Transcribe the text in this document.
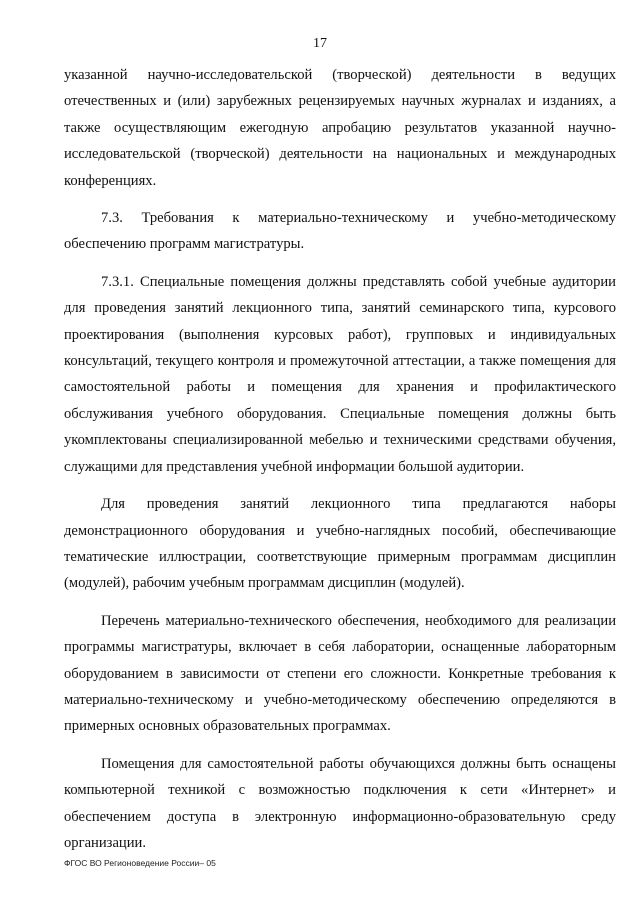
17

указанной научно-исследовательской (творческой) деятельности в ведущих отечественных и (или) зарубежных рецензируемых научных журналах и изданиях, а также осуществляющим ежегодную апробацию результатов указанной научно-исследовательской (творческой) деятельности на национальных и международных конференциях.

7.3. Требования к материально-техническому и учебно-методическому обеспечению программ магистратуры.

7.3.1. Специальные помещения должны представлять собой учебные аудитории для проведения занятий лекционного типа, занятий семинарского типа, курсового проектирования (выполнения курсовых работ), групповых и индивидуальных консультаций, текущего контроля и промежуточной аттестации, а также помещения для самостоятельной работы и помещения для хранения и профилактического обслуживания учебного оборудования. Специальные помещения должны быть укомплектованы специализированной мебелью и техническими средствами обучения, служащими для представления учебной информации большой аудитории.

Для проведения занятий лекционного типа предлагаются наборы демонстрационного оборудования и учебно-наглядных пособий, обеспечивающие тематические иллюстрации, соответствующие примерным программам дисциплин (модулей), рабочим учебным программам дисциплин (модулей).

Перечень материально-технического обеспечения, необходимого для реализации программы магистратуры, включает в себя лаборатории, оснащенные лабораторным оборудованием в зависимости от степени его сложности. Конкретные требования к материально-техническому и учебно-методическому обеспечению определяются в примерных основных образовательных программах.

Помещения для самостоятельной работы обучающихся должны быть оснащены компьютерной техникой с возможностью подключения к сети «Интернет» и обеспечением доступа в электронную информационно-образовательную среду организации.

ФГОС ВО Регионоведение России– 05
